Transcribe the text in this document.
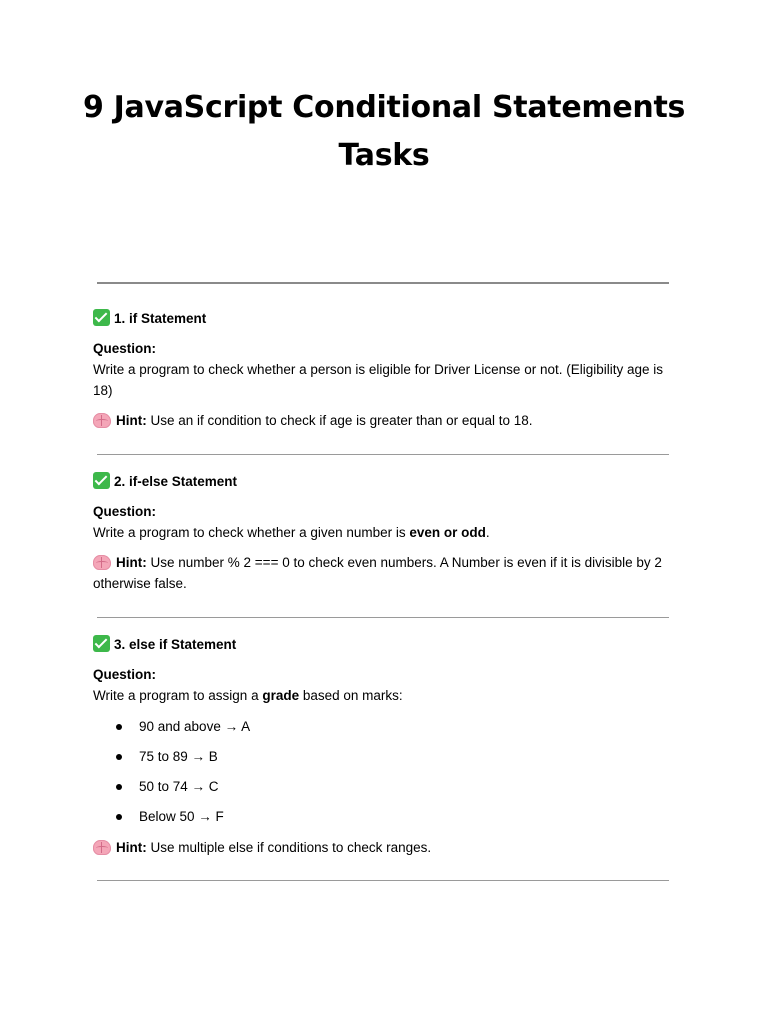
9 JavaScript Conditional Statements
Tasks
1. if Statement
Question:
Write a program to check whether a person is eligible for Driver License or not. (Eligibility age is 18)
Hint: Use an if condition to check if age is greater than or equal to 18.
2. if-else Statement
Question:
Write a program to check whether a given number is even or odd.
Hint: Use number % 2 === 0 to check even numbers. A Number is even if it is divisible by 2 otherwise false.
3. else if Statement
Question:
Write a program to assign a grade based on marks:
90 and above → A
75 to 89 → B
50 to 74 → C
Below 50 → F
Hint: Use multiple else if conditions to check ranges.
